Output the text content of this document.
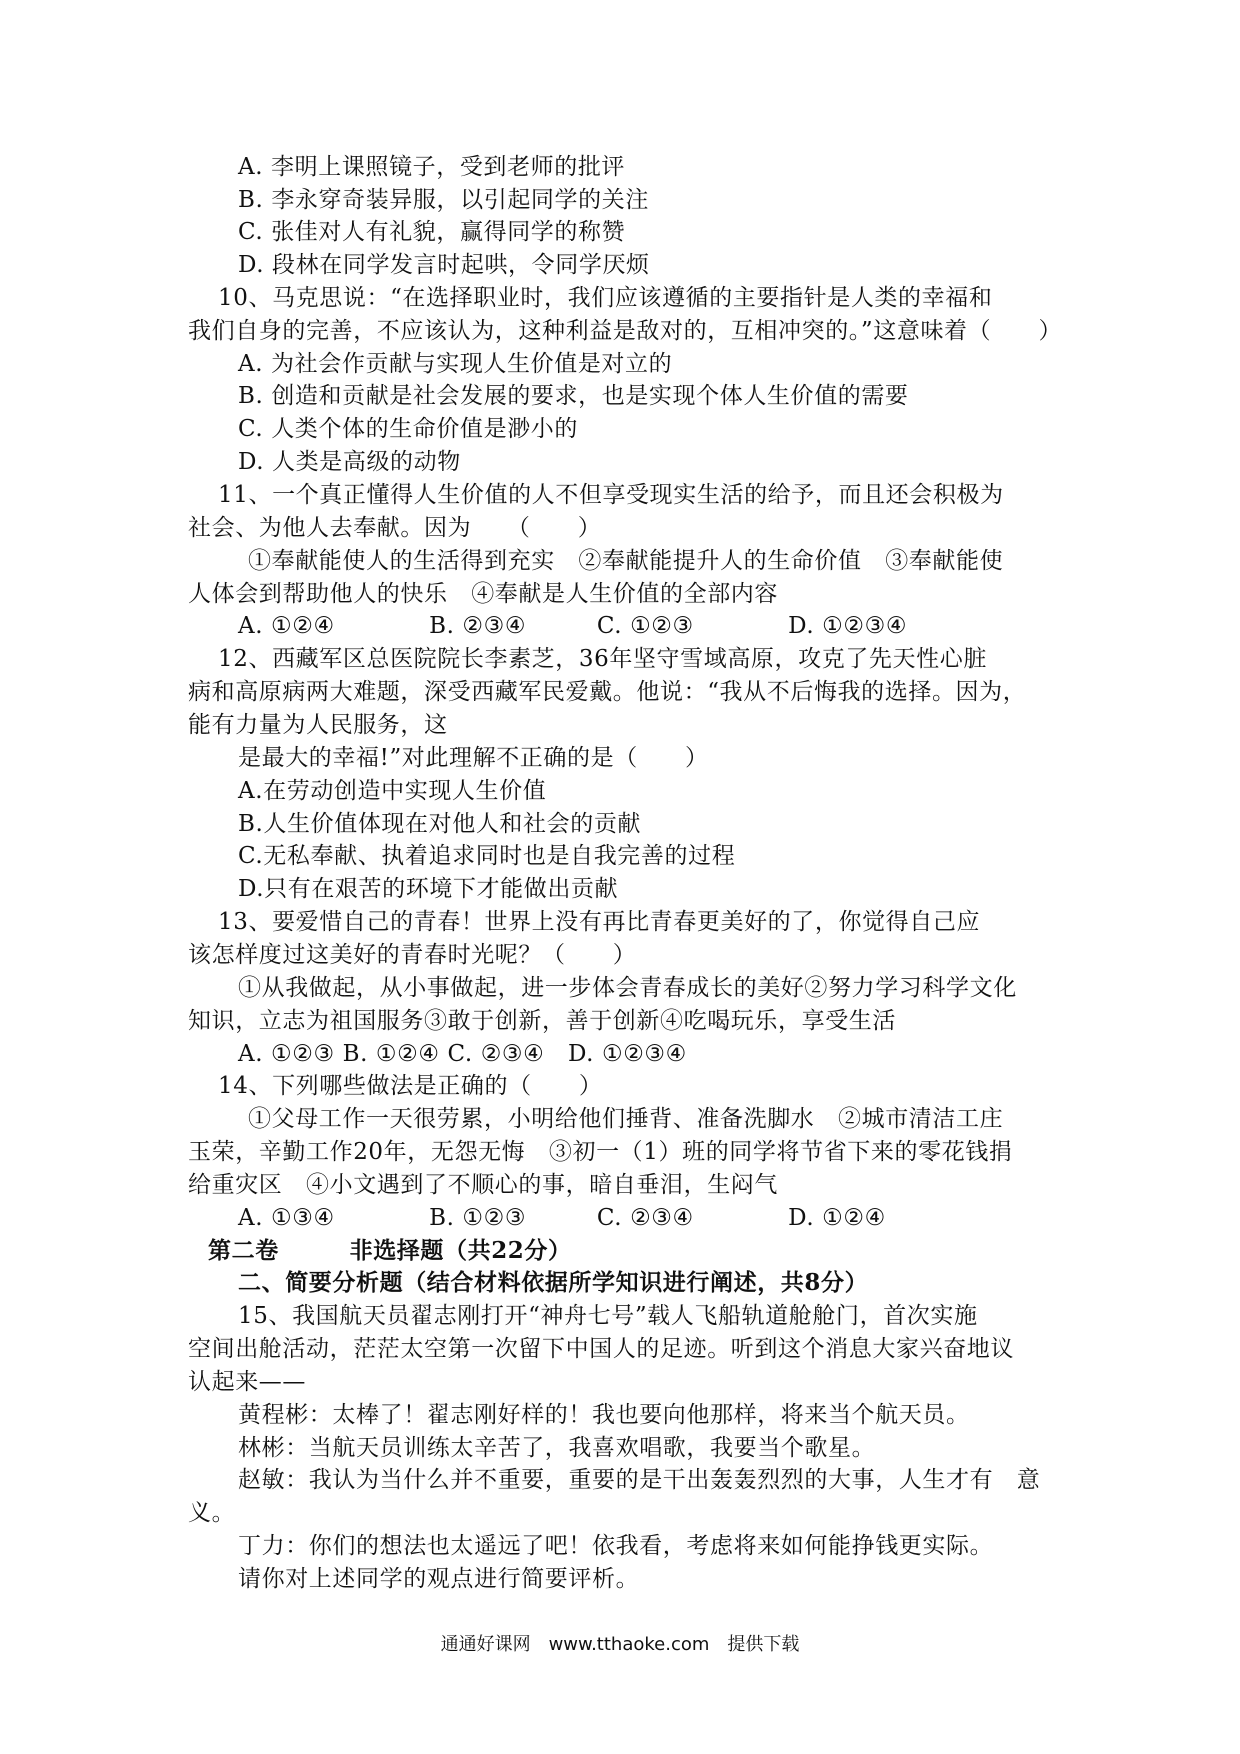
A. 李明上课照镜子，受到老师的批评
B. 李永穿奇装异服，以引起同学的关注
C. 张佳对人有礼貌，赢得同学的称赞
D. 段林在同学发言时起哄，令同学厌烦
10、马克思说：“在选择职业时，我们应该遵循的主要指针是人类的幸福和
我们自身的完善，不应该认为，这种利益是敌对的，互相冲突的。”这意味着（　　）
A. 为社会作贡献与实现人生价值是对立的
B. 创造和贡献是社会发展的要求，也是实现个体人生价值的需要
C. 人类个体的生命价值是渺小的
D. 人类是高级的动物
11、一个真正懂得人生价值的人不但享受现实生活的给予，而且还会积极为
社会、为他人去奉献。因为　　（　　）
①奉献能使人的生活得到充实　②奉献能提升人的生命价值　③奉献能使
人体会到帮助他人的快乐　④奉献是人生价值的全部内容
A. ①②④　　　　B. ②③④　　　C. ①②③　　　　D. ①②③④
12、西藏军区总医院院长李素芝，36年坚守雪域高原，攻克了先天性心脏
病和高原病两大难题，深受西藏军民爱戴。他说：“我从不后悔我的选择。因为，
能有力量为人民服务，这
是最大的幸福!”对此理解不正确的是（　　）
A.在劳动创造中实现人生价值
B.人生价值体现在对他人和社会的贡献
C.无私奉献、执着追求同时也是自我完善的过程
D.只有在艰苦的环境下才能做出贡献
13、要爱惜自己的青春！世界上没有再比青春更美好的了，你觉得自己应
该怎样度过这美好的青春时光呢？（　　）
①从我做起，从小事做起，进一步体会青春成长的美好②努力学习科学文化
知识，立志为祖国服务③敢于创新，善于创新④吃喝玩乐，享受生活
A. ①②③ B. ①②④ C. ②③④　D. ①②③④
14、下列哪些做法是正确的（　　）
①父母工作一天很劳累，小明给他们捶背、准备洗脚水　②城市清洁工庄
玉荣，辛勤工作20年，无怨无悔　③初一（1）班的同学将节省下来的零花钱捐
给重灾区　④小文遇到了不顺心的事，暗自垂泪，生闷气
A. ①③④　　　　B. ①②③　　　C. ②③④　　　　D. ①②④
第二卷　　　非选择题（共22分）
二、简要分析题（结合材料依据所学知识进行阐述，共8分）
15、我国航天员翟志刚打开“神舟七号”载人飞船轨道舱舱门，首次实施
空间出舱活动，茫茫太空第一次留下中国人的足迹。听到这个消息大家兴奋地议
认起来——
黄程彬：太棒了！翟志刚好样的！我也要向他那样，将来当个航天员。
林彬：当航天员训练太辛苦了，我喜欢唱歌，我要当个歌星。
赵敏：我认为当什么并不重要，重要的是干出轰轰烈烈的大事，人生才有　意
义。
丁力：你们的想法也太遥远了吧！依我看，考虑将来如何能挣钱更实际。
请你对上述同学的观点进行简要评析。
通通好课网　www.tthaoke.com　提供下载
